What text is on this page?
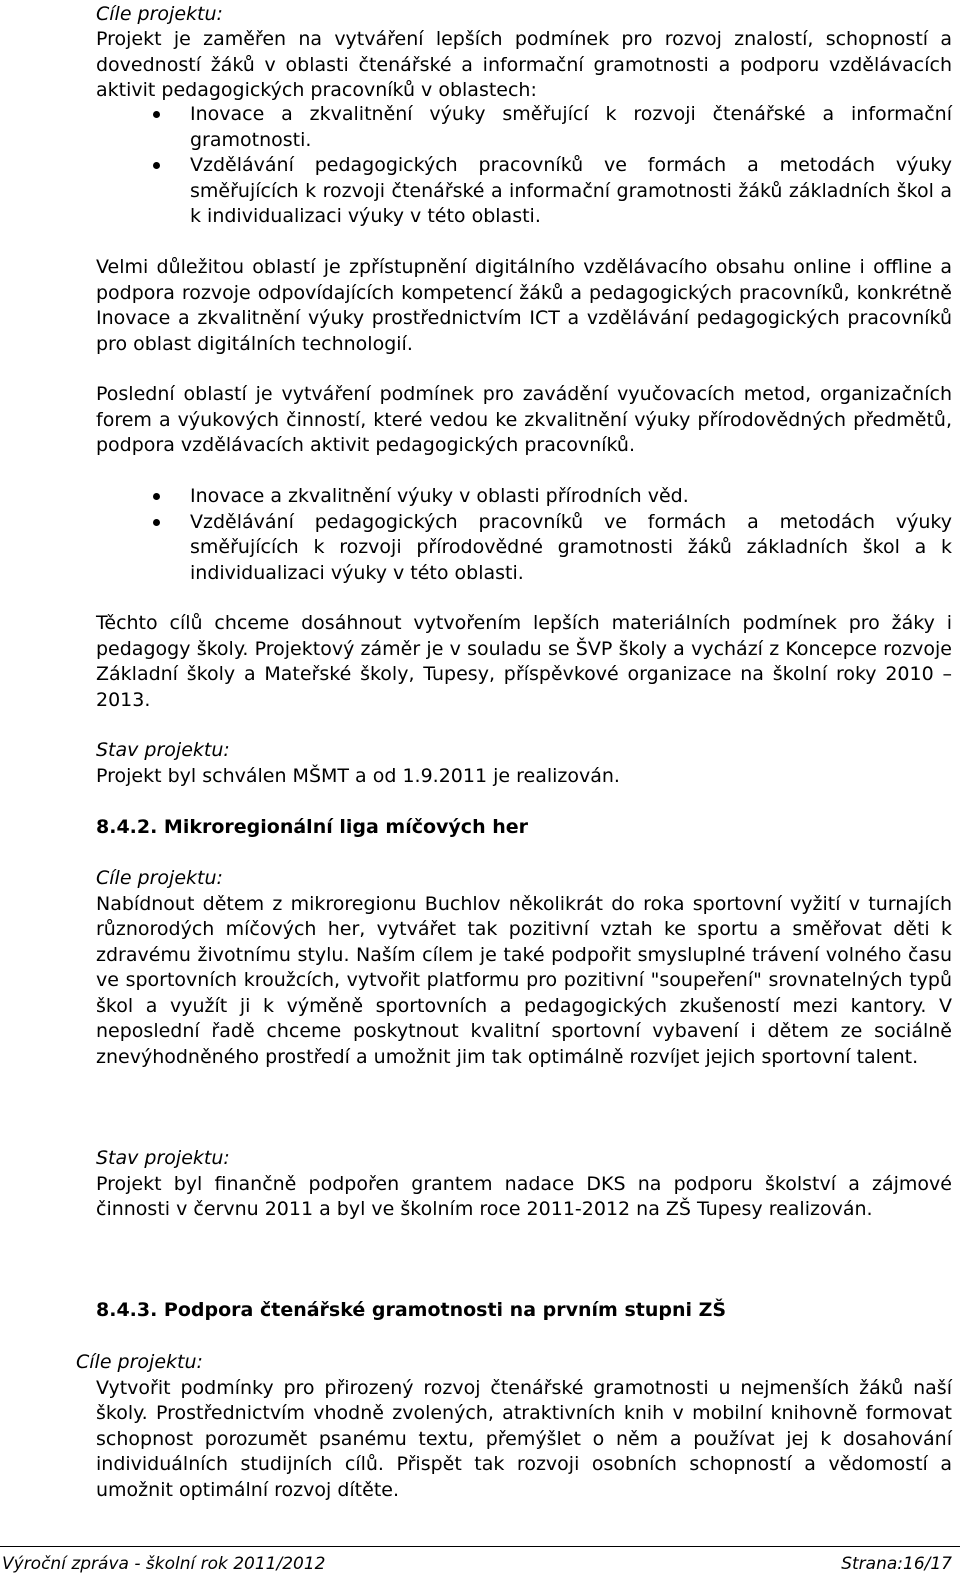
Cíle projektu:

Projekt je zaměřen na vytváření lepších podmínek pro rozvoj znalostí, schopností a dovedností žáků v oblasti čtenářské a informační gramotnosti a podporu vzdělávacích aktivit pedagogických pracovníků v oblastech:

Inovace a zkvalitnění výuky směřující k rozvoji čtenářské a informační gramotnosti.
Vzdělávání pedagogických pracovníků ve formách a metodách výuky směřujících k rozvoji čtenářské a informační gramotnosti žáků základních škol a k individualizaci výuky v této oblasti.

Velmi důležitou oblastí je zpřístupnění digitálního vzdělávacího obsahu online i offline a podpora rozvoje odpovídajících kompetencí žáků a pedagogických pracovníků, konkrétně Inovace a zkvalitnění výuky prostřednictvím ICT a vzdělávání pedagogických pracovníků pro oblast digitálních technologií.

Poslední oblastí je vytváření podmínek pro zavádění vyučovacích metod, organizačních forem a výukových činností, které vedou ke zkvalitnění výuky přírodovědných předmětů, podpora vzdělávacích aktivit pedagogických pracovníků.

Inovace a zkvalitnění výuky v oblasti přírodních věd.
Vzdělávání pedagogických pracovníků ve formách a metodách výuky směřujících k rozvoji přírodovědné gramotnosti žáků základních škol a k individualizaci výuky v této oblasti.

Těchto cílů chceme dosáhnout vytvořením lepších materiálních podmínek pro žáky i pedagogy školy. Projektový záměr je v souladu se ŠVP školy a vychází z Koncepce rozvoje Základní školy a Mateřské školy, Tupesy, příspěvkové organizace na školní roky 2010 – 2013.

Stav projektu:

Projekt byl schválen MŠMT a od 1.9.2011 je realizován.

8.4.2. Mikroregionální liga míčových her
Cíle projektu:

Nabídnout dětem z mikroregionu Buchlov několikrát do roka sportovní vyžití v turnajích různorodých míčových her, vytvářet tak pozitivní vztah ke sportu a směřovat děti k zdravému životnímu stylu. Naším cílem je také podpořit smysluplné trávení volného času ve sportovních kroužcích, vytvořit platformu pro pozitivní "soupeření" srovnatelných typů škol a využít ji k výměně sportovních a pedagogických zkušeností mezi kantory. V neposlední řadě chceme poskytnout kvalitní sportovní vybavení i dětem ze sociálně znevýhodněného prostředí a umožnit jim tak optimálně rozvíjet jejich sportovní talent.

Stav projektu:

Projekt byl finančně podpořen grantem nadace DKS na podporu školství a zájmové činnosti v červnu 2011 a byl ve školním roce 2011-2012 na ZŠ Tupesy realizován.

8.4.3. Podpora čtenářské gramotnosti na prvním stupni ZŠ
Cíle projektu:

Vytvořit podmínky pro přirozený rozvoj čtenářské gramotnosti u nejmenších žáků naší školy. Prostřednictvím vhodně zvolených, atraktivních knih v mobilní knihovně formovat schopnost porozumět psanému textu, přemýšlet o něm a používat jej k dosahování individuálních studijních cílů. Přispět tak rozvoji osobních schopností a vědomostí a umožnit optimální rozvoj dítěte.

Výroční zpráva - školní rok 2011/2012	Strana:16/17
